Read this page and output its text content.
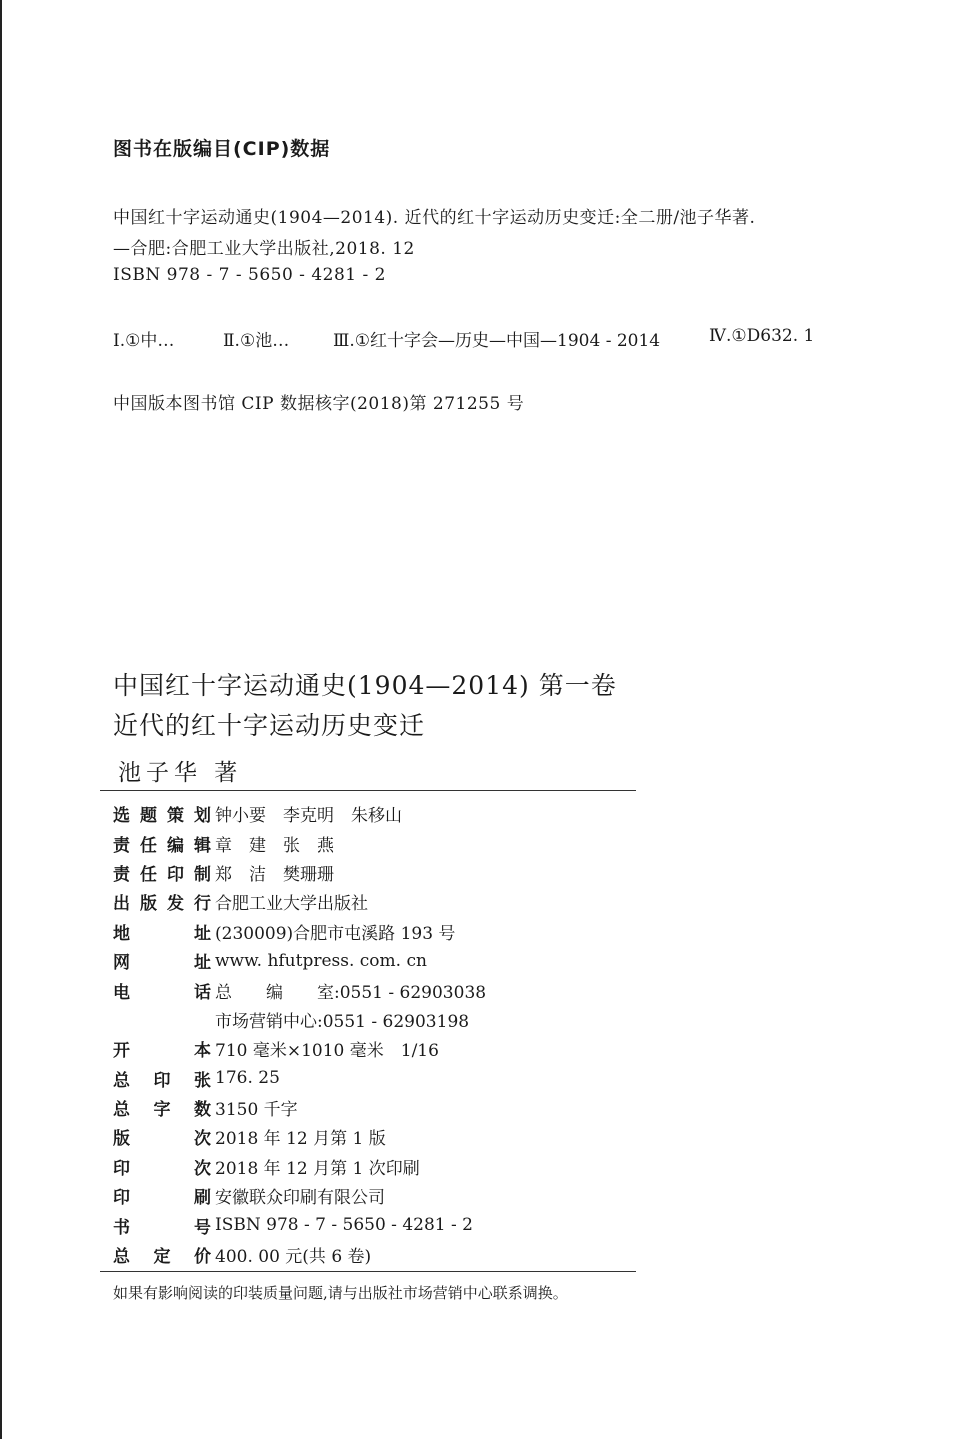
图书在版编目(CIP)数据
中国红十字运动通史(1904—2014). 近代的红十字运动历史变迁:全二册/池子华著.
—合肥:合肥工业大学出版社,2018. 12
ISBN 978 - 7 - 5650 - 4281 - 2
Ⅰ.①中…	Ⅱ.①池…	Ⅲ.①红十字会—历史—中国—1904 - 2014	Ⅳ.①D632. 1
中国版本图书馆 CIP 数据核字(2018)第 271255 号
中国红十字运动通史(1904—2014) 第一卷
近代的红十字运动历史变迁
池子华 著
选题策划 钟小要　李克明　朱移山
责任编辑 章　建　张　燕
责任印制 郑　洁　樊珊珊
出版发行 合肥工业大学出版社
地　　址 (230009)合肥市屯溪路 193 号
网　　址 www. hfutpress. com. cn
电　　话 总　　编　　室:0551 - 62903038
市场营销中心:0551 - 62903198
开　　本 710 毫米×1010 毫米　1/16
总 印 张 176. 25
总 字 数 3150 千字
版　　次 2018 年 12 月第 1 版
印　　次 2018 年 12 月第 1 次印刷
印　　刷 安徽联众印刷有限公司
书　　号 ISBN 978 - 7 - 5650 - 4281 - 2
总 定 价 400. 00 元(共 6 卷)
如果有影响阅读的印装质量问题,请与出版社市场营销中心联系调换。
